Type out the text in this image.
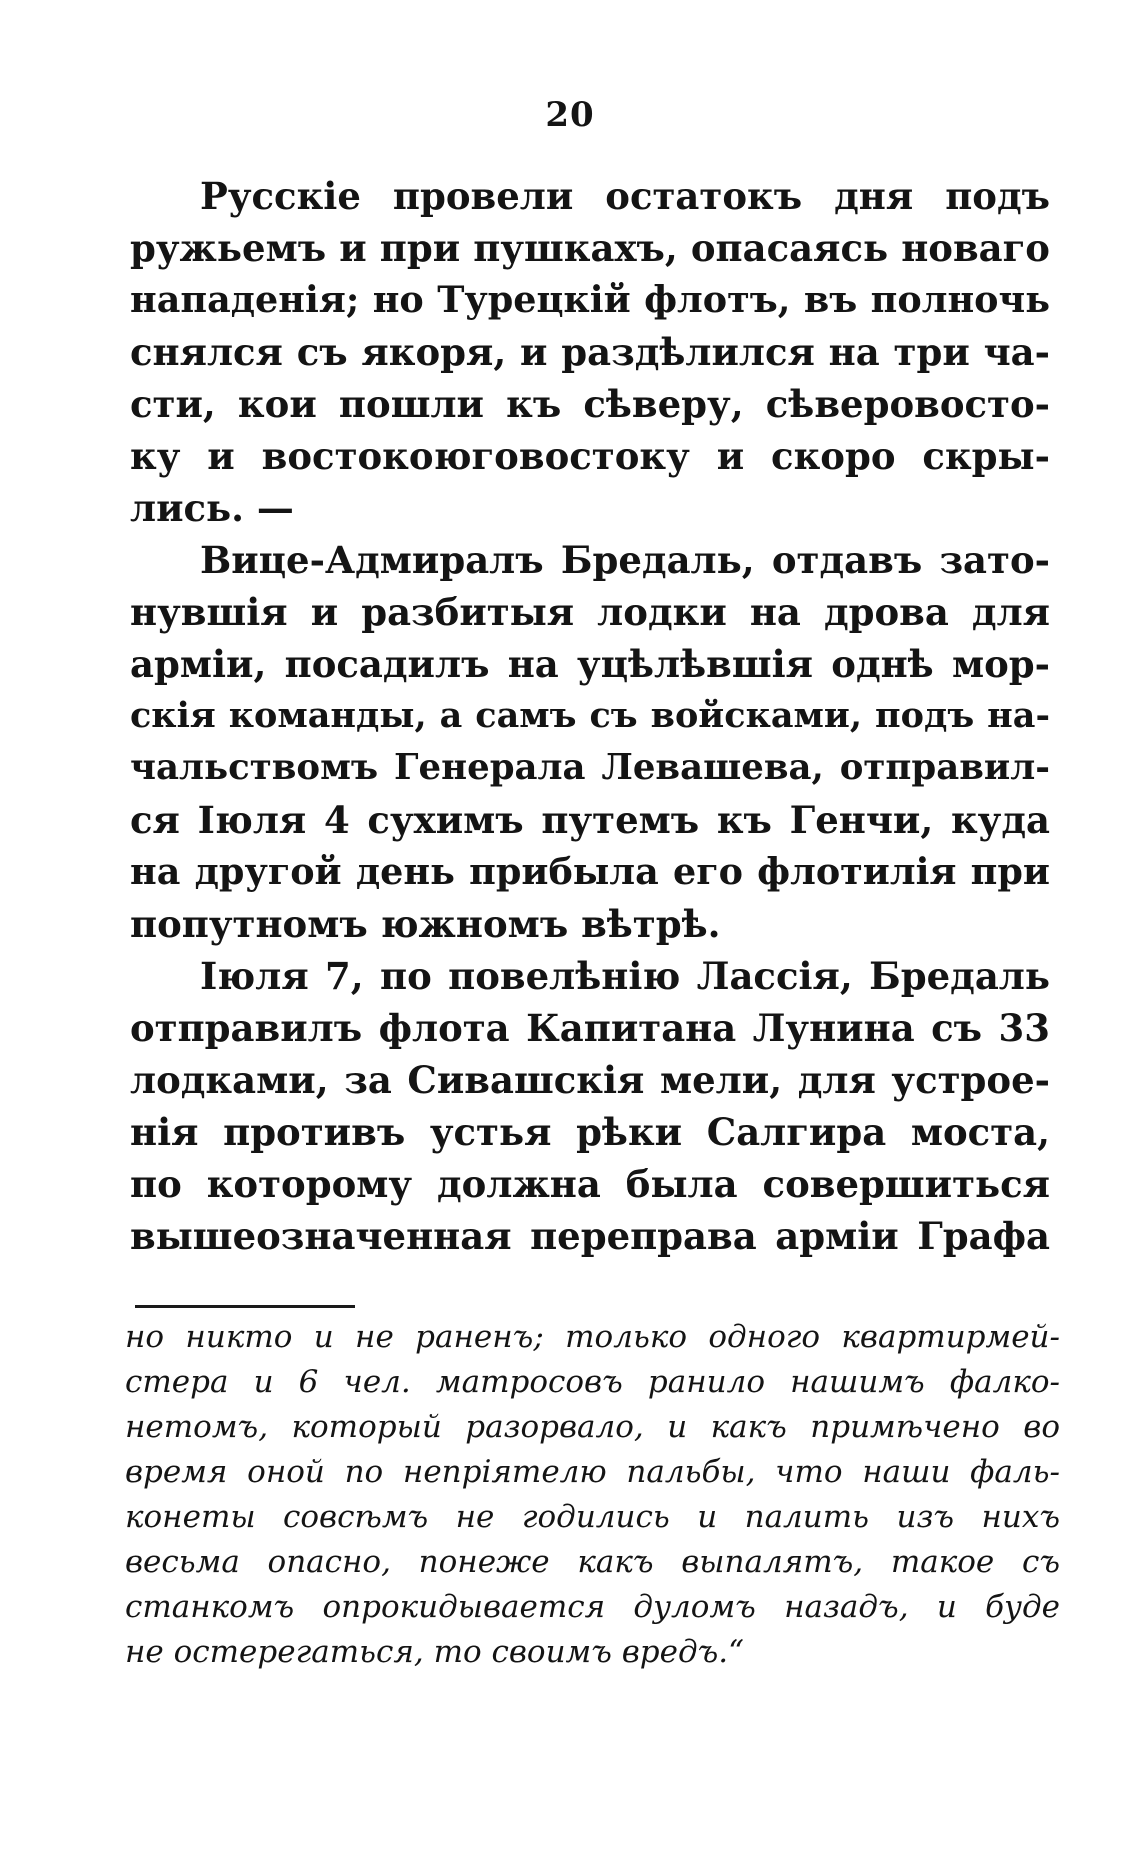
20
Русскіе провели остатокъ дня подъ
ружьемъ и при пушкахъ, опасаясь новаго
нападенія; но Турецкій флотъ, въ полночь
снялся съ якоря, и раздѣлился на три ча-
сти, кои пошли къ сѣверу, сѣверовосто-
ку и востокоюговостоку и скоро скры-
лись. —
Вице-Адмиралъ Бредаль, отдавъ зато-
нувшія и разбитыя лодки на дрова для
арміи, посадилъ на уцѣлѣвшія однѣ мор-
скія команды, а самъ съ войсками, подъ на-
чальствомъ Генерала Левашева, отправил-
ся Іюля 4 сухимъ путемъ къ Генчи, куда
на другой день прибыла его флотилія при
попутномъ южномъ вѣтрѣ.
Іюля 7, по повелѣнію Лассія, Бредаль
отправилъ флота Капитана Лунина съ 33
лодками, за Сивашскія мели, для устрое-
нія противъ устья рѣки Салгира моста,
по которому должна была совершиться
вышеозначенная переправа арміи Графа
но никто и не раненъ; только одного квартирмей-
стера и 6 чел. матросовъ ранило нашимъ фалко-
нетомъ, который разорвало, и какъ примѣчено во
время оной по непріятелю пальбы, что наши фаль-
конеты совсѣмъ не годились и палить изъ нихъ
весьма опасно, понеже какъ выпалятъ, такое съ
станкомъ опрокидывается дуломъ назадъ, и буде
не остерегаться, то своимъ вредъ.“
